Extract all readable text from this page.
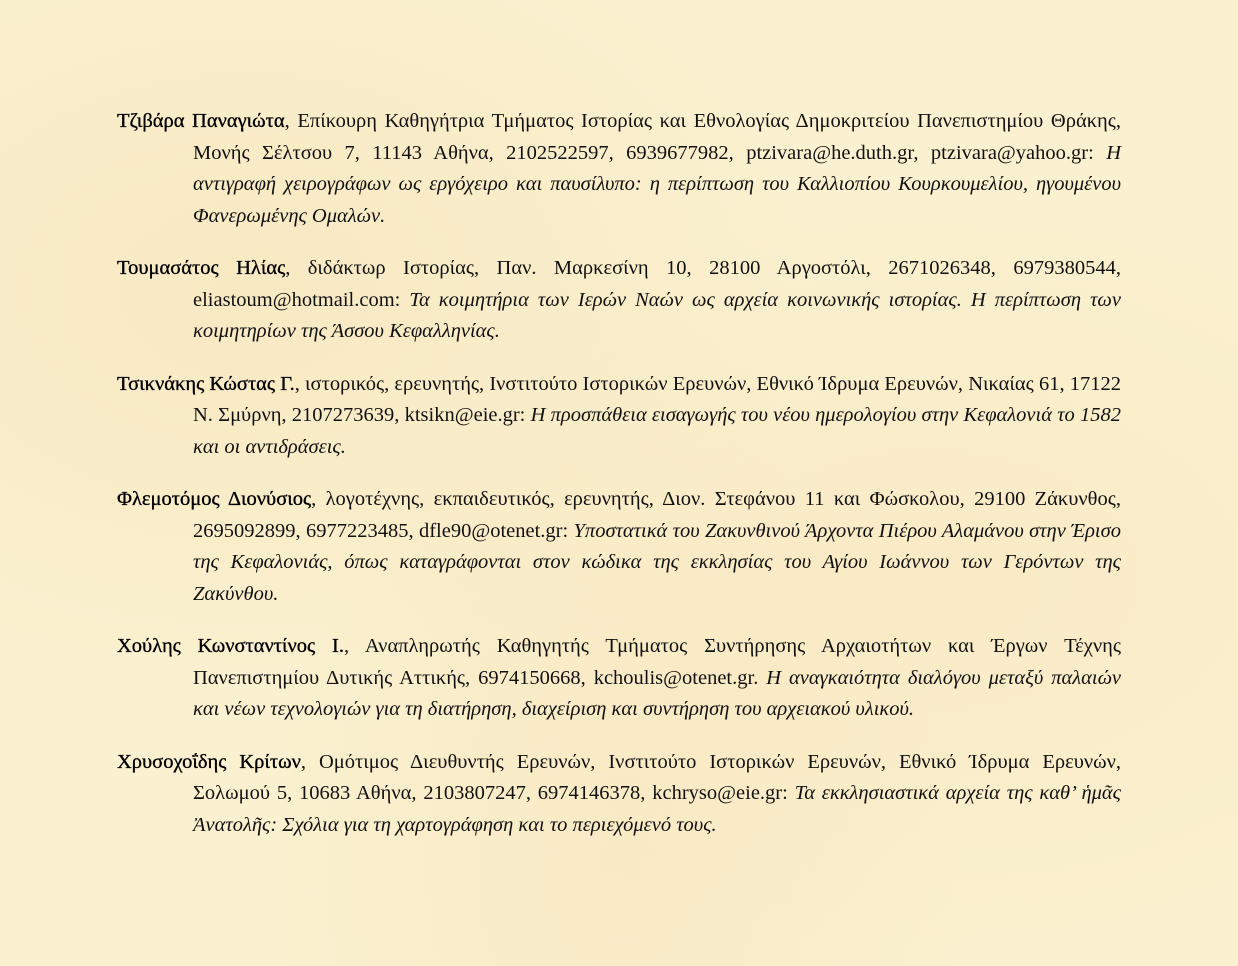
Τζιβάρα Παναγιώτα, Επίκουρη Καθηγήτρια Τμήματος Ιστορίας και Εθνολογίας Δημοκριτείου Πανεπιστημίου Θράκης, Μονής Σέλτσου 7, 11143 Αθήνα, 2102522597, 6939677982, ptzivara@he.duth.gr, ptzivara@yahoo.gr: Η αντιγραφή χειρογράφων ως εργόχειρο και παυσίλυπο: η περίπτωση του Καλλιοπίου Κουρκουμελίου, ηγουμένου Φανερωμένης Ομαλών.

Τουμασάτος Ηλίας, διδάκτωρ Ιστορίας, Παν. Μαρκεσίνη 10, 28100 Αργοστόλι, 2671026348, 6979380544, eliastoum@hotmail.com: Τα κοιμητήρια των Ιερών Ναών ως αρχεία κοινωνικής ιστορίας. Η περίπτωση των κοιμητηρίων της Άσσου Κεφαλληνίας.

Τσικνάκης Κώστας Γ., ιστορικός, ερευνητής, Ινστιτούτο Ιστορικών Ερευνών, Εθνικό Ίδρυμα Ερευνών, Νικαίας 61, 17122 Ν. Σμύρνη, 2107273639, ktsikn@eie.gr: Η προσπάθεια εισαγωγής του νέου ημερολογίου στην Κεφαλονιά το 1582 και οι αντιδράσεις.

Φλεμοτόμος Διονύσιος, λογοτέχνης, εκπαιδευτικός, ερευνητής, Διον. Στεφάνου 11 και Φώσκολου, 29100 Ζάκυνθος, 2695092899, 6977223485, dfle90@otenet.gr: Υποστατικά του Ζακυνθινού Άρχοντα Πιέρου Αλαμάνου στην Έρισο της Κεφαλονιάς, όπως καταγράφονται στον κώδικα της εκκλησίας του Αγίου Ιωάννου των Γερόντων της Ζακύνθου.

Χούλης Κωνσταντίνος Ι., Αναπληρωτής Καθηγητής Τμήματος Συντήρησης Αρχαιοτήτων και Έργων Τέχνης Πανεπιστημίου Δυτικής Αττικής, 6974150668, kchoulis@otenet.gr. Η αναγκαιότητα διαλόγου μεταξύ παλαιών και νέων τεχνολογιών για τη διατήρηση, διαχείριση και συντήρηση του αρχειακού υλικού.

Χρυσοχοΐδης Κρίτων, Ομότιμος Διευθυντής Ερευνών, Ινστιτούτο Ιστορικών Ερευνών, Εθνικό Ίδρυμα Ερευνών, Σολωμού 5, 10683 Αθήνα, 2103807247, 6974146378, kchryso@eie.gr: Τα εκκλησιαστικά αρχεία της καθ’ ἡμᾶς Ἀνατολῆς: Σχόλια για τη χαρτογράφηση και το περιεχόμενό τους.
